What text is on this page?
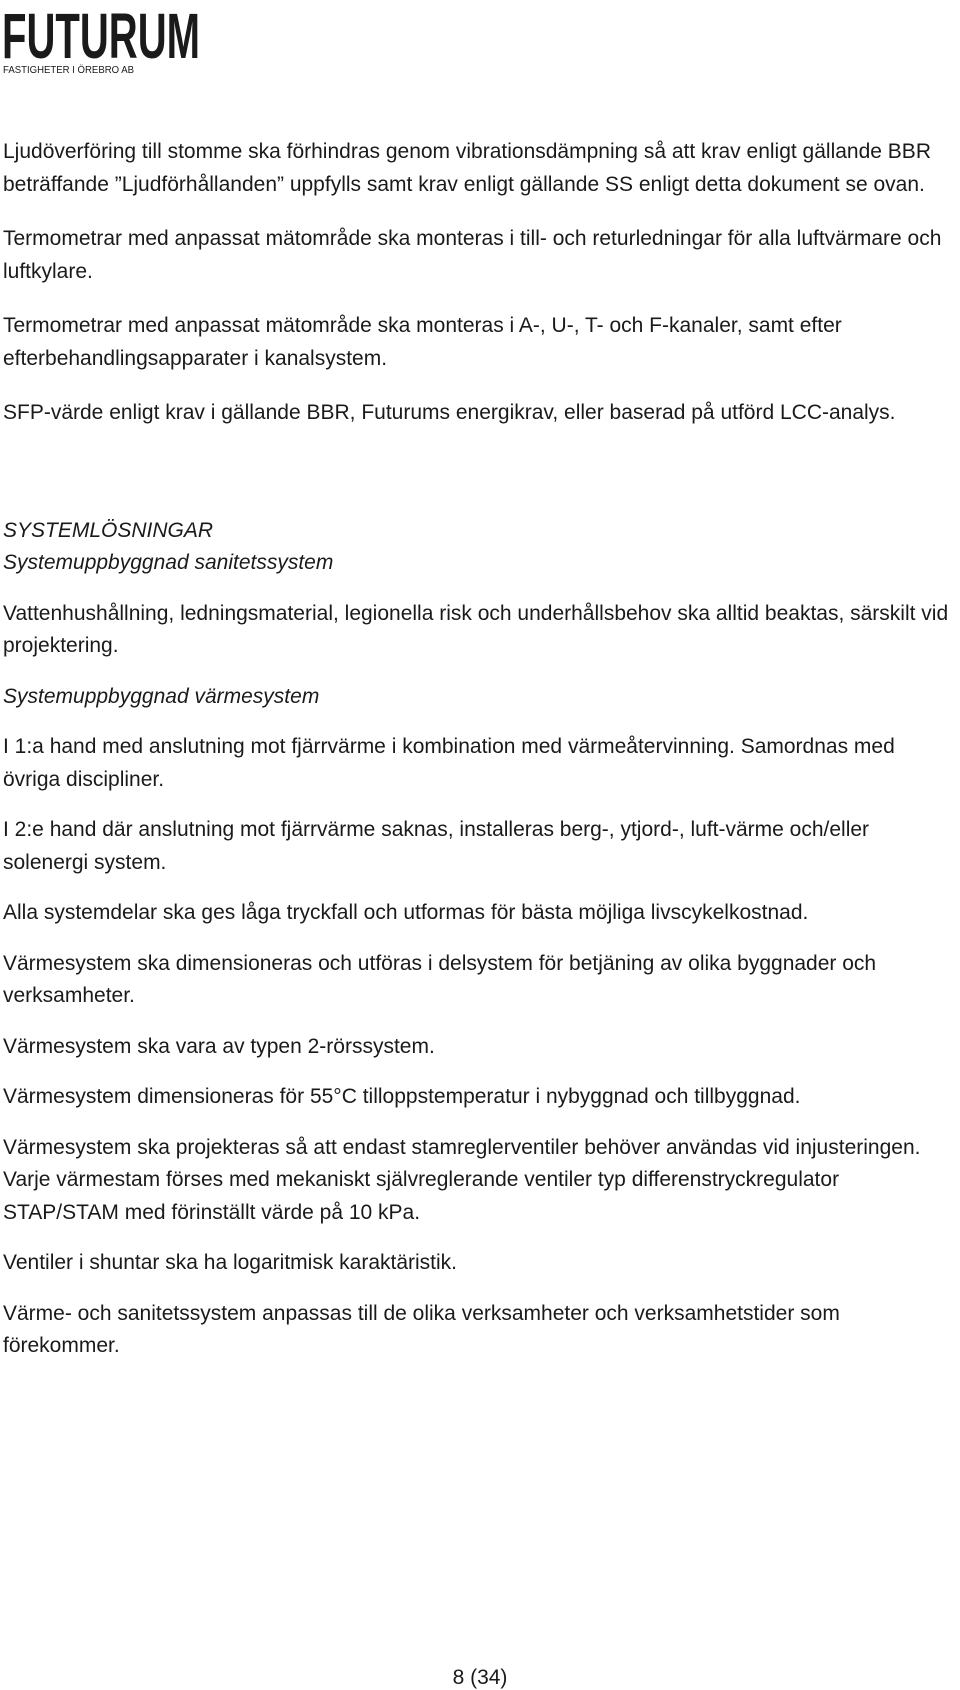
FUTURUM
FASTIGHETER I ÖREBRO AB

Ljudöverföring till stomme ska förhindras genom vibrationsdämpning så att krav enligt gällande BBR beträffande ”Ljudförhållanden” uppfylls samt krav enligt gällande SS enligt detta dokument se ovan.

Termometrar med anpassat mätområde ska monteras i till- och returledningar för alla luftvärmare och luftkylare.

Termometrar med anpassat mätområde ska monteras i A-, U-, T- och F-kanaler, samt efter efterbehandlingsapparater i kanalsystem.

SFP-värde enligt krav i gällande BBR, Futurums energikrav, eller baserad på utförd LCC-analys.

SYSTEMLÖSNINGAR

Systemuppbyggnad sanitetssystem

Vattenhushållning, ledningsmaterial, legionella risk och underhållsbehov ska alltid beaktas, särskilt vid projektering.

Systemuppbyggnad värmesystem

I 1:a hand med anslutning mot fjärrvärme i kombination med värmeåtervinning. Samordnas med övriga discipliner.

I 2:e hand där anslutning mot fjärrvärme saknas, installeras berg-, ytjord-, luft-värme och/eller solenergi system.

Alla systemdelar ska ges låga tryckfall och utformas för bästa möjliga livscykelkostnad.

Värmesystem ska dimensioneras och utföras i delsystem för betjäning av olika byggnader och verksamheter.

Värmesystem ska vara av typen 2-rörssystem.

Värmesystem dimensioneras för 55°C tilloppstemperatur i nybyggnad och tillbyggnad.

Värmesystem ska projekteras så att endast stamreglerventiler behöver användas vid injusteringen. Varje värmestam förses med mekaniskt självreglerande ventiler typ differenstryckregulator STAP/STAM med förinställt värde på 10 kPa.

Ventiler i shuntar ska ha logaritmisk karaktäristik.

Värme- och sanitetssystem anpassas till de olika verksamheter och verksamhetstider som förekommer.

8 (34)
